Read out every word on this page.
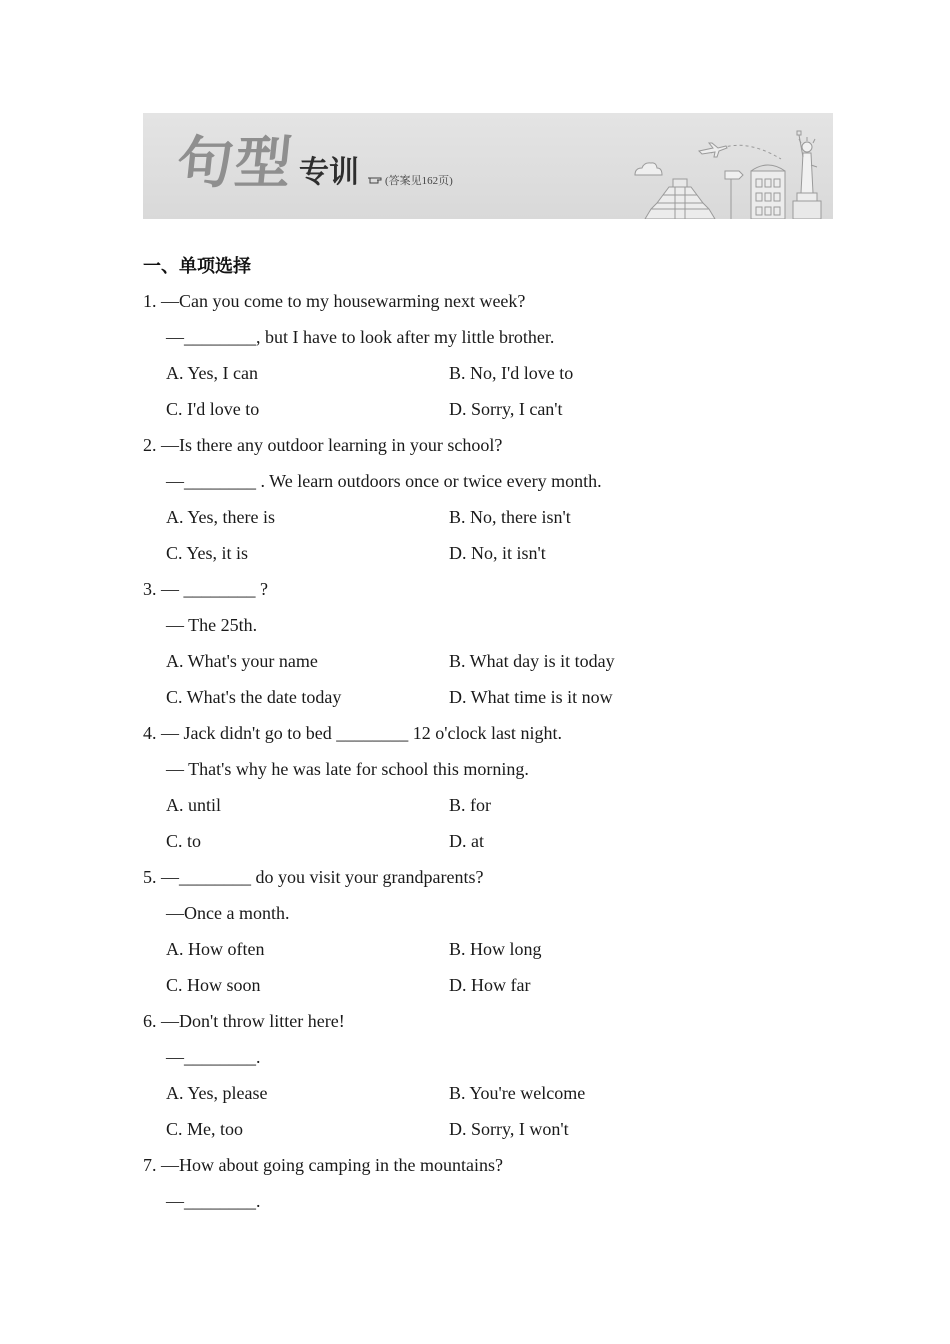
句型 专训 (答案见162页)
一、单项选择
1. —Can you come to my housewarming next week?
—________, but I have to look after my little brother.
A. Yes, I can	B. No, I'd love to
C. I'd love to	D. Sorry, I can't
2. —Is there any outdoor learning in your school?
—________ . We learn outdoors once or twice every month.
A. Yes, there is	B. No, there isn't
C. Yes, it is	D. No, it isn't
3. — ________ ?
— The 25th.
A. What's your name	B. What day is it today
C. What's the date today	D. What time is it now
4. — Jack didn't go to bed ________ 12 o'clock last night.
— That's why he was late for school this morning.
A. until	B. for
C. to	D. at
5. —________ do you visit your grandparents?
—Once a month.
A. How often	B. How long
C. How soon	D. How far
6. —Don't throw litter here!
—________.
A. Yes, please	B. You're welcome
C. Me, too	D. Sorry, I won't
7. —How about going camping in the mountains?
—________.
